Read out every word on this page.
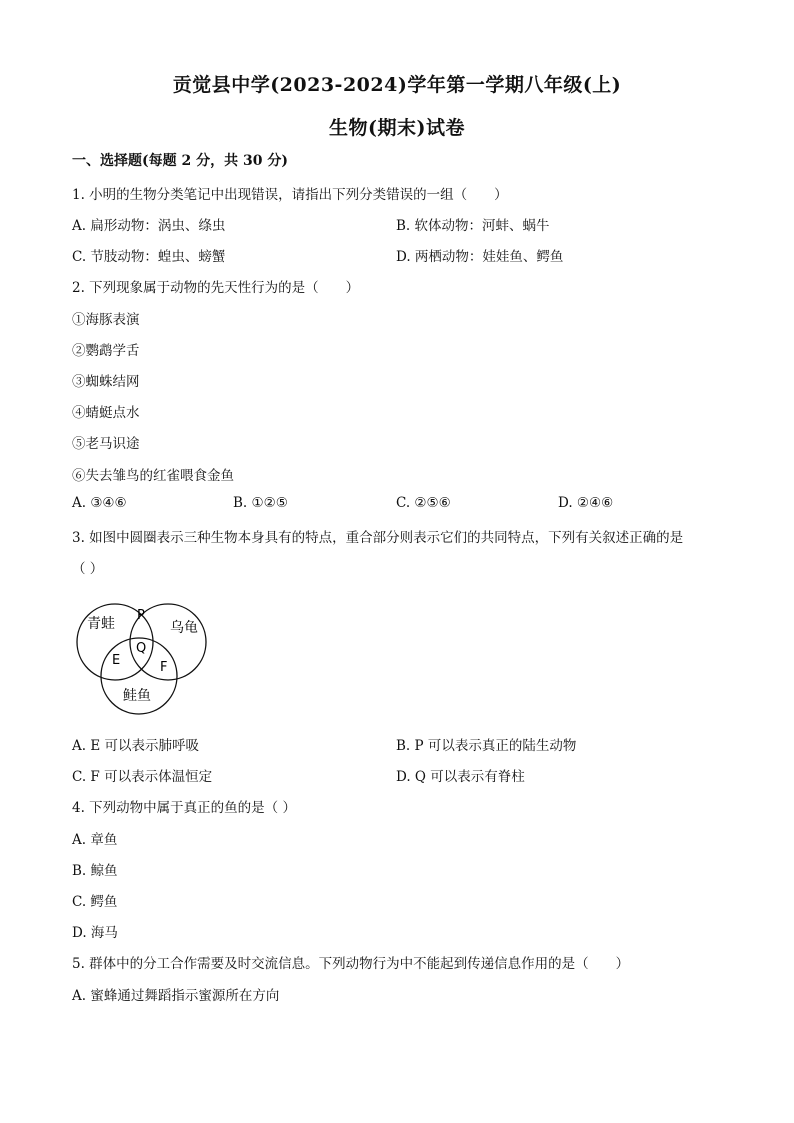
贡觉县中学(2023-2024)学年第一学期八年级(上)
生物(期末)试卷
一、选择题(每题 2 分，共 30 分)
1. 小明的生物分类笔记中出现错误，请指出下列分类错误的一组（　　）
A. 扁形动物：涡虫、绦虫	B. 软体动物：河蚌、蜗牛
C. 节肢动物：蝗虫、螃蟹	D. 两栖动物：娃娃鱼、鳄鱼
2. 下列现象属于动物的先天性行为的是（　　）
①海豚表演
②鹦鹉学舌
③蜘蛛结网
④蜻蜓点水
⑤老马识途
⑥失去雏鸟的红雀喂食金鱼
A. ③④⑥	B. ①②⑤	C. ②⑤⑥	D. ②④⑥
3. 如图中圆圈表示三种生物本身具有的特点，重合部分则表示它们的共同特点，下列有关叙述正确的是
（ ）
青蛙	乌龟
鲑鱼
P
Q
E	F
A. E 可以表示肺呼吸	B. P 可以表示真正的陆生动物
C. F 可以表示体温恒定	D. Q 可以表示有脊柱
4. 下列动物中属于真正的鱼的是（ ）
A. 章鱼
B. 鲸鱼
C. 鳄鱼
D. 海马
5. 群体中的分工合作需要及时交流信息。下列动物行为中不能起到传递信息作用的是（　　）
A. 蜜蜂通过舞蹈指示蜜源所在方向
